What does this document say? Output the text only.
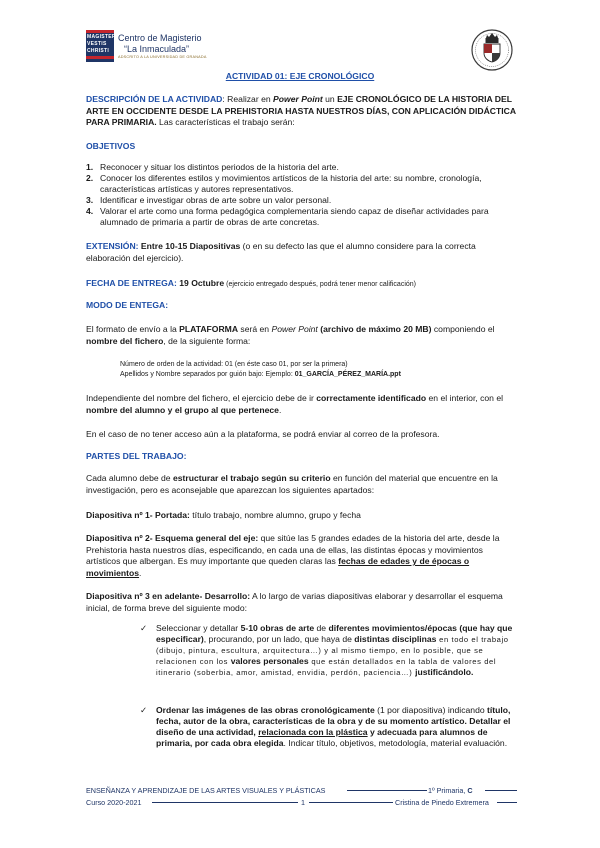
MAGISTER
VESTIS
CHRISTI
Centro de Magisterio
“La Inmaculada”
ADSCRITO A LA UNIVERSIDAD DE GRANADA
ACTIVIDAD 01: EJE CRONOLÓGICO
DESCRIPCIÓN DE LA ACTIVIDAD: Realizar en Power Point un EJE CRONOLÓGICO DE LA HISTORIA DEL ARTE EN OCCIDENTE DESDE LA PREHISTORIA HASTA NUESTROS DÍAS, CON APLICACIÓN DIDÁCTICA PARA PRIMARIA. Las características el trabajo serán:
OBJETIVOS
1. Reconocer y situar los distintos periodos de la historia del arte.
2. Conocer los diferentes estilos y movimientos artísticos de la historia del arte: su nombre, cronología, características artísticas y autores representativos.
3. Identificar e investigar obras de arte sobre un valor personal.
4. Valorar el arte como una forma pedagógica complementaria siendo capaz de diseñar actividades para alumnado de primaria a partir de obras de arte concretas.
EXTENSIÓN: Entre 10-15 Diapositivas (o en su defecto las que el alumno considere para la correcta elaboración del ejercicio).
FECHA DE ENTREGA: 19 Octubre (ejercicio entregado después, podrá tener menor calificación)
MODO DE ENTEGA:
El formato de envío a la PLATAFORMA será en Power Point (archivo de máximo 20 MB) componiendo el nombre del fichero, de la siguiente forma:
Número de orden de la actividad: 01 (en éste caso 01, por ser la primera)
Apellidos y Nombre separados por guión bajo: Ejemplo: 01_GARCÍA_PÉREZ_MARÍA.ppt
Independiente del nombre del fichero, el ejercicio debe de ir correctamente identificado en el interior, con el nombre del alumno y el grupo al que pertenece.
En el caso de no tener acceso aún a la plataforma, se podrá enviar al correo de la profesora.
PARTES DEL TRABAJO:
Cada alumno debe de estructurar el trabajo según su criterio en función del material que encuentre en la investigación, pero es aconsejable que aparezcan los siguientes apartados:
Diapositiva nº 1- Portada: título trabajo, nombre alumno, grupo y fecha
Diapositiva nº 2- Esquema general del eje: que sitúe las 5 grandes edades de la historia del arte, desde la Prehistoria hasta nuestros días, especificando, en cada una de ellas, las distintas épocas y movimientos artísticos que albergan. Es muy importante que queden claras las fechas de edades y de épocas o movimientos.
Diapositiva nº 3 en adelante- Desarrollo: A lo largo de varias diapositivas elaborar y desarrollar el esquema inicial, de forma breve del siguiente modo:
✓	Seleccionar y detallar 5-10 obras de arte de diferentes movimientos/épocas (que hay que especificar), procurando, por un lado, que haya de distintas disciplinas en todo el trabajo (dibujo, pintura, escultura, arquitectura…) y al mismo tiempo, en lo posible, que se relacionen con los valores personales que están detallados en la tabla de valores del itinerario (soberbia, amor, amistad, envidia, perdón, paciencia…) justificándolo.
✓	Ordenar las imágenes de las obras cronológicamente (1 por diapositiva) indicando título, fecha, autor de la obra, características de la obra y de su momento artístico. Detallar el diseño de una actividad, relacionada con la plástica y adecuada para alumnos de primaria, por cada obra elegida. Indicar título, objetivos, metodología, material evaluación.
ENSEÑANZA Y APRENDIZAJE DE LAS ARTES VISUALES Y PLÁSTICAS	1º Primaria, C
Curso 2020-2021	1	Cristina de Pinedo Extremera
